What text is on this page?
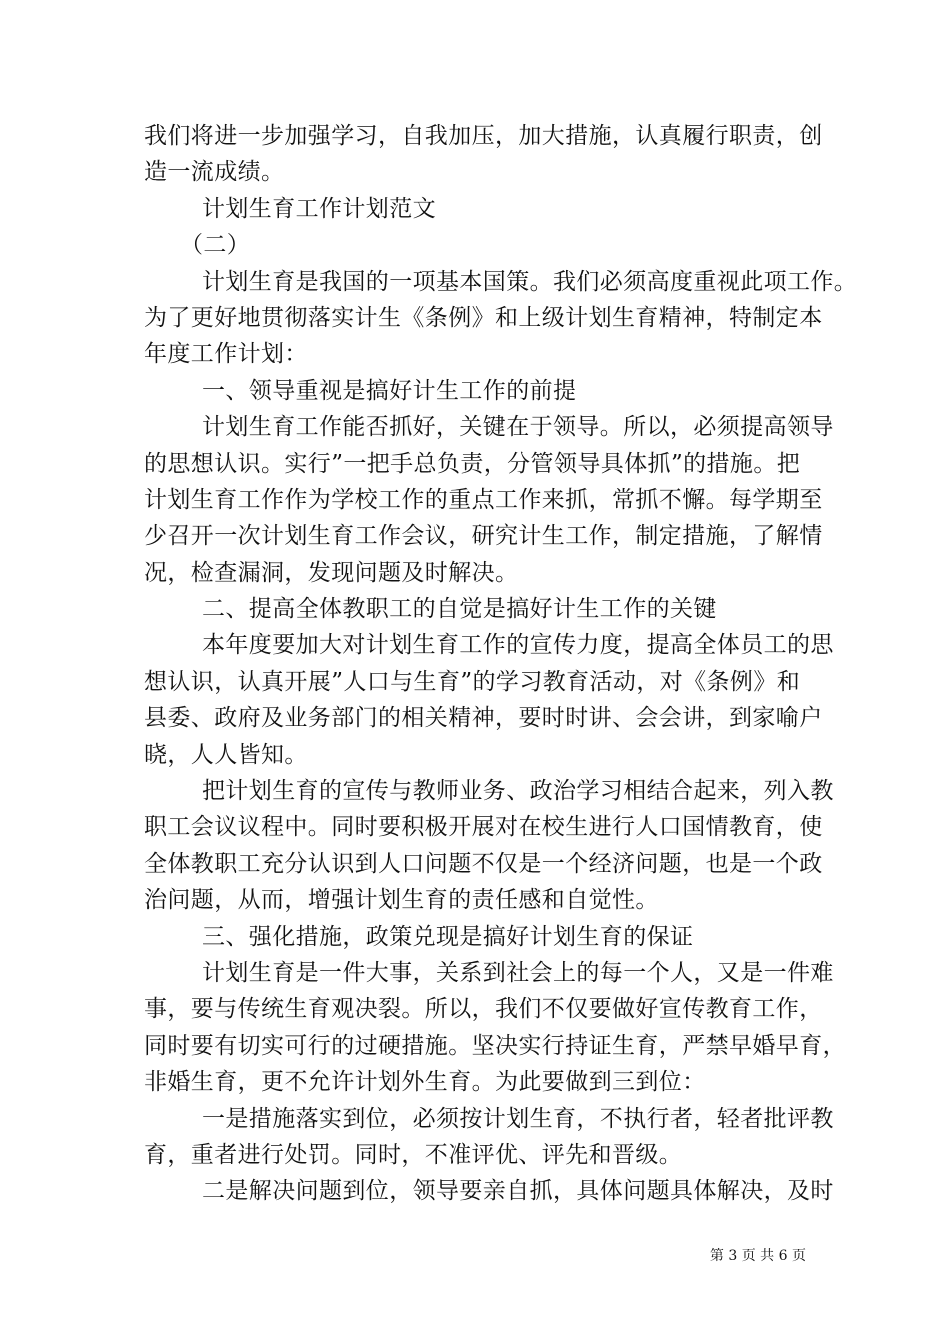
我们将进一步加强学习，自我加压，加大措施，认真履行职责，创
造一流成绩。
计划生育工作计划范文
（二）
计划生育是我国的一项基本国策。我们必须高度重视此项工作。
为了更好地贯彻落实计生《条例》和上级计划生育精神，特制定本
年度工作计划：
一、领导重视是搞好计生工作的前提
计划生育工作能否抓好，关键在于领导。所以，必须提高领导
的思想认识。实行”一把手总负责，分管领导具体抓”的措施。把
计划生育工作作为学校工作的重点工作来抓，常抓不懈。每学期至
少召开一次计划生育工作会议，研究计生工作，制定措施，了解情
况，检查漏洞，发现问题及时解决。
二、提高全体教职工的自觉是搞好计生工作的关键
本年度要加大对计划生育工作的宣传力度，提高全体员工的思
想认识，认真开展”人口与生育”的学习教育活动，对《条例》和
县委、政府及业务部门的相关精神，要时时讲、会会讲，到家喻户
晓，人人皆知。
把计划生育的宣传与教师业务、政治学习相结合起来，列入教
职工会议议程中。同时要积极开展对在校生进行人口国情教育，使
全体教职工充分认识到人口问题不仅是一个经济问题，也是一个政
治问题，从而，增强计划生育的责任感和自觉性。
三、强化措施，政策兑现是搞好计划生育的保证
计划生育是一件大事，关系到社会上的每一个人，又是一件难
事，要与传统生育观决裂。所以，我们不仅要做好宣传教育工作，
同时要有切实可行的过硬措施。坚决实行持证生育，严禁早婚早育，
非婚生育，更不允许计划外生育。为此要做到三到位：
一是措施落实到位，必须按计划生育，不执行者，轻者批评教
育，重者进行处罚。同时，不准评优、评先和晋级。
二是解决问题到位，领导要亲自抓，具体问题具体解决，及时
第 3 页 共 6 页
